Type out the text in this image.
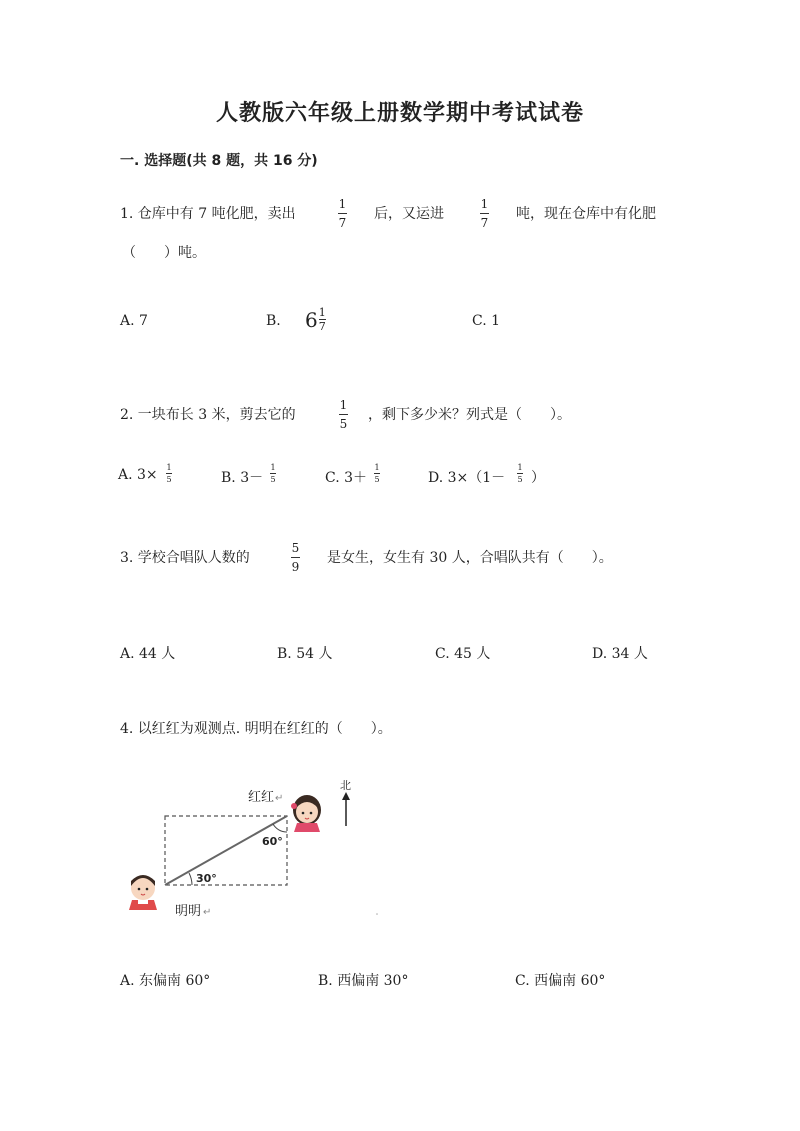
人教版六年级上册数学期中考试试卷
一. 选择题(共 8 题，共 16 分)
1. 仓库中有 7 吨化肥，卖出
1
7
后，又运进
1
7
吨，现在仓库中有化肥
（　　）吨。
A. 7	B. $6 \frac{1}{7}$	C. 1
2. 一块布长 3 米，剪去它的
1
5
，剩下多少米？列式是（　　）。
A. 3× 1
5	B. 3－
1
5	C. 3＋
1
5	D. 3×（1－
1
5 ）
3. 学校合唱队人数的
5
9
是女生，女生有 30 人，合唱队共有（　　）。
A. 44 人	B. 54 人	C. 45 人	D. 34 人
4. 以红红为观测点. 明明在红红的（　　）。
60°
30°
红红 ↵
北
明明 ↵
A. 东偏南 60°	B. 西偏南 30°	C. 西偏南 60°
